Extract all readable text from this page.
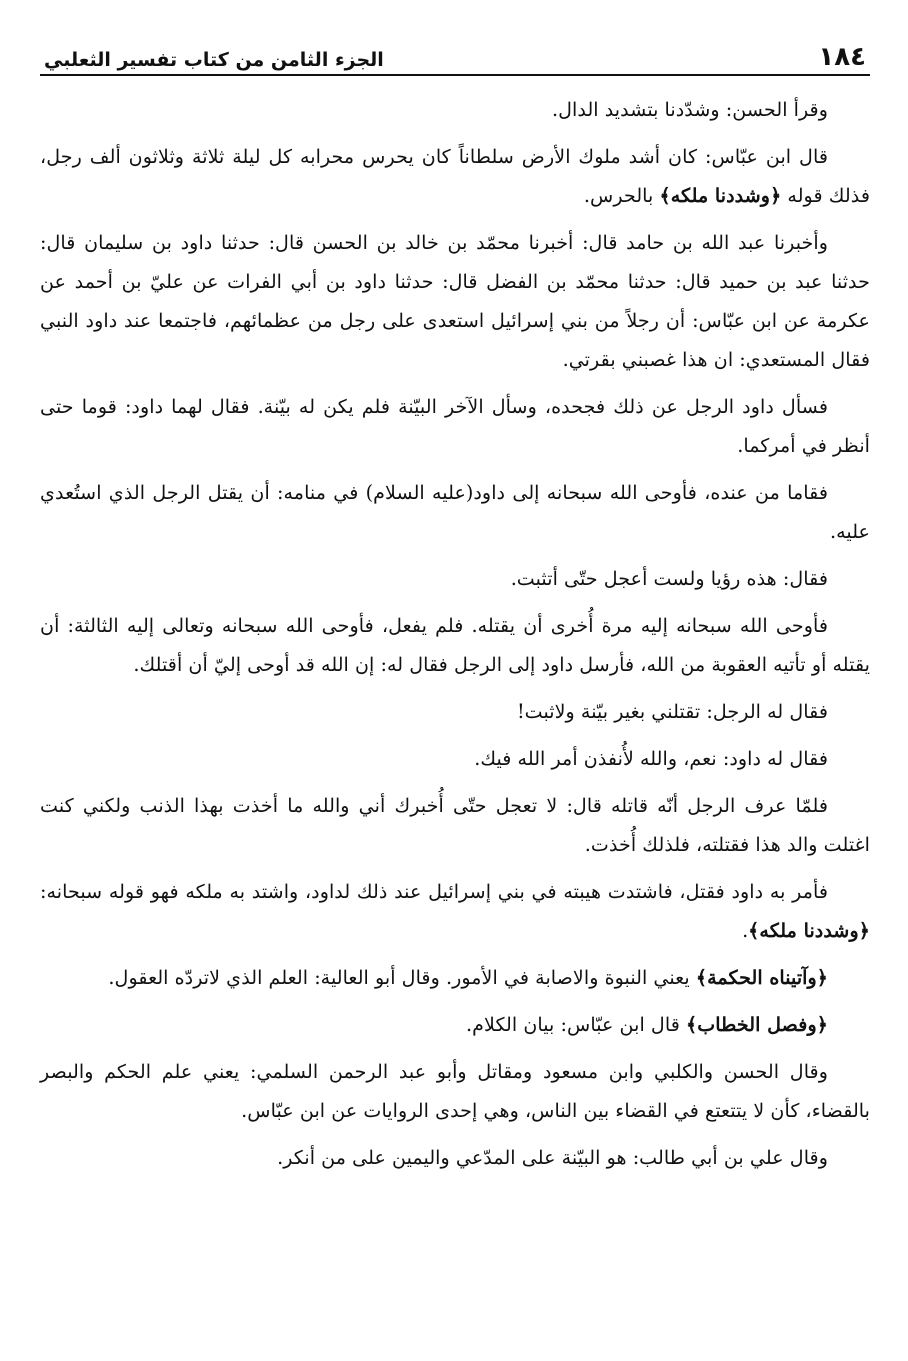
١٨٤
الجزء الثامن من كتاب تفسير الثعلبي

وقرأ الحسن: وشدّدنا بتشديد الدال.

قال ابن عبّاس: كان أشد ملوك الأرض سلطاناً كان يحرس محرابه كل ليلة ثلاثة وثلاثون ألف رجل، فذلك قوله ﴿وشددنا ملكه﴾ بالحرس.

وأخبرنا عبد الله بن حامد قال: أخبرنا محمّد بن خالد بن الحسن قال: حدثنا داود بن سليمان قال: حدثنا عبد بن حميد قال: حدثنا محمّد بن الفضل قال: حدثنا داود بن أبي الفرات عن عليّ بن أحمد عن عكرمة عن ابن عبّاس: أن رجلاً من بني إسرائيل استعدى على رجل من عظمائهم، فاجتمعا عند داود النبي فقال المستعدي: ان هذا غصبني بقرتي.

فسأل داود الرجل عن ذلك فجحده، وسأل الآخر البيّنة فلم يكن له بيّنة. فقال لهما داود: قوما حتى أنظر في أمركما.

فقاما من عنده، فأوحى الله سبحانه إلى داود(عليه السلام) في منامه: أن يقتل الرجل الذي استُعدي عليه.

فقال: هذه رؤيا ولست أعجل حتّى أتثبت.

فأوحى الله سبحانه إليه مرة أُخرى أن يقتله. فلم يفعل، فأوحى الله سبحانه وتعالى إليه الثالثة: أن يقتله أو تأتيه العقوبة من الله، فأرسل داود إلى الرجل فقال له: إن الله قد أوحى إليّ أن أقتلك.

فقال له الرجل: تقتلني بغير بيّنة ولاثبت!

فقال له داود: نعم، والله لأُنفذن أمر الله فيك.

فلمّا عرف الرجل أنّه قاتله قال: لا تعجل حتّى أُخبرك أني والله ما أخذت بهذا الذنب ولكني كنت اغتلت والد هذا فقتلته، فلذلك أُخذت.

فأمر به داود فقتل، فاشتدت هيبته في بني إسرائيل عند ذلك لداود، واشتد به ملكه فهو قوله سبحانه: ﴿وشددنا ملكه﴾.

﴿وآتيناه الحكمة﴾ يعني النبوة والاصابة في الأمور. وقال أبو العالية: العلم الذي لاتردّه العقول.

﴿وفصل الخطاب﴾ قال ابن عبّاس: بيان الكلام.

وقال الحسن والكلبي وابن مسعود ومقاتل وأبو عبد الرحمن السلمي: يعني علم الحكم والبصر بالقضاء، كأن لا يتتعتع في القضاء بين الناس، وهي إحدى الروايات عن ابن عبّاس.

وقال علي بن أبي طالب: هو البيّنة على المدّعي واليمين على من أنكر.
